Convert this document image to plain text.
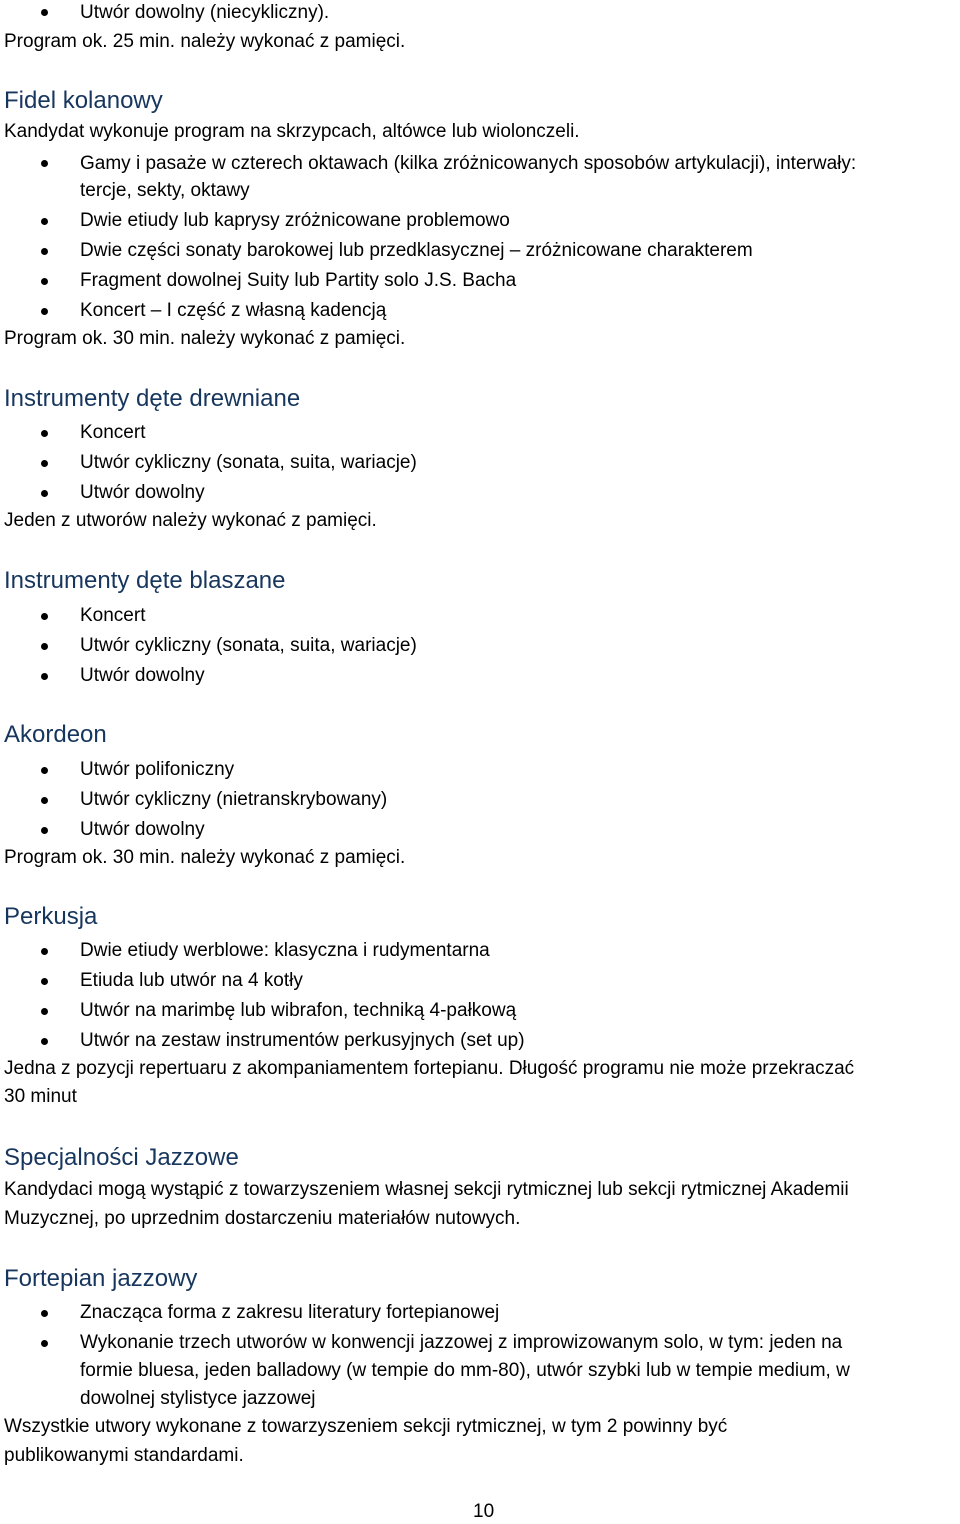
Utwór dowolny (niecykliczny).
Program ok. 25 min. należy wykonać z pamięci.
Fidel kolanowy
Kandydat wykonuje program na skrzypcach, altówce lub wiolonczeli.
Gamy i pasaże w czterech oktawach (kilka zróżnicowanych sposobów artykulacji), interwały:
tercje, sekty, oktawy
Dwie etiudy lub kaprysy zróżnicowane problemowo
Dwie części sonaty barokowej lub przedklasycznej – zróżnicowane charakterem
Fragment dowolnej Suity lub Partity solo J.S. Bacha
Koncert – I część z własną kadencją
Program ok. 30 min. należy wykonać z pamięci.
Instrumenty dęte drewniane
Koncert
Utwór cykliczny (sonata, suita, wariacje)
Utwór dowolny
Jeden z utworów należy wykonać z pamięci.
Instrumenty dęte blaszane
Koncert
Utwór cykliczny (sonata, suita, wariacje)
Utwór dowolny
Akordeon
Utwór polifoniczny
Utwór cykliczny (nietranskrybowany)
Utwór dowolny
Program ok. 30 min. należy wykonać z pamięci.
Perkusja
Dwie etiudy werblowe: klasyczna i rudymentarna
Etiuda lub utwór na 4 kotły
Utwór na marimbę lub wibrafon, techniką 4-pałkową
Utwór na zestaw instrumentów perkusyjnych (set up)
Jedna z pozycji repertuaru z akompaniamentem fortepianu. Długość programu nie może przekraczać
30 minut
Specjalności Jazzowe
Kandydaci mogą wystąpić z towarzyszeniem własnej sekcji rytmicznej lub sekcji rytmicznej Akademii
Muzycznej, po uprzednim dostarczeniu materiałów nutowych.
Fortepian jazzowy
Znacząca forma z zakresu literatury fortepianowej
Wykonanie trzech utworów w konwencji jazzowej z improwizowanym solo, w tym: jeden na
formie bluesa, jeden balladowy (w tempie do mm-80), utwór szybki lub w tempie medium, w
dowolnej stylistyce jazzowej
Wszystkie utwory wykonane z towarzyszeniem sekcji rytmicznej, w tym 2 powinny być
publikowanymi standardami.
10
